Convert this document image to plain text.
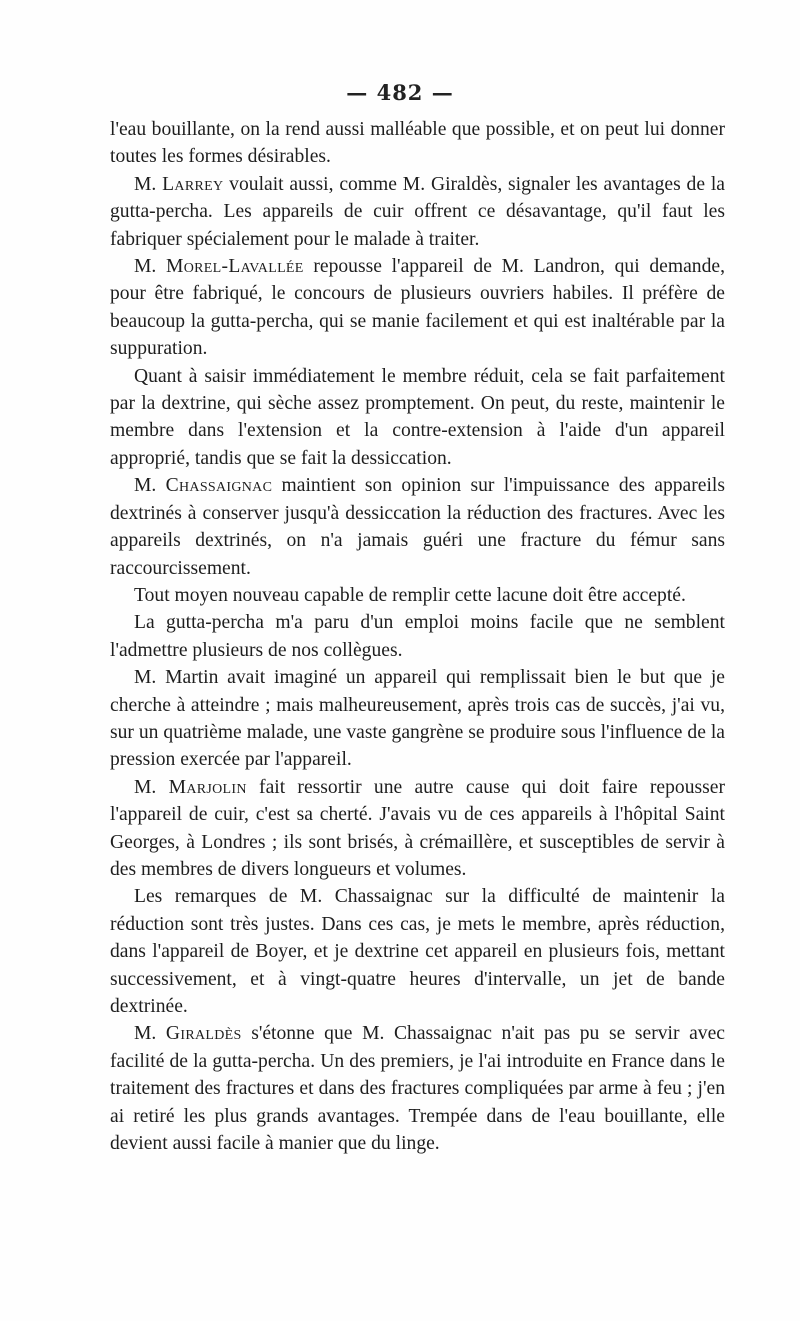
— 482 —

l'eau bouillante, on la rend aussi malléable que possible, et on peut lui donner toutes les formes désirables.

M. Larrey voulait aussi, comme M. Giraldès, signaler les avantages de la gutta-percha. Les appareils de cuir offrent ce désavantage, qu'il faut les fabriquer spécialement pour le malade à traiter.

M. Morel-Lavallée repousse l'appareil de M. Landron, qui demande, pour être fabriqué, le concours de plusieurs ouvriers habiles. Il préfère de beaucoup la gutta-percha, qui se manie facilement et qui est inaltérable par la suppuration.

Quant à saisir immédiatement le membre réduit, cela se fait parfaitement par la dextrine, qui sèche assez promptement. On peut, du reste, maintenir le membre dans l'extension et la contre-extension à l'aide d'un appareil approprié, tandis que se fait la dessiccation.

M. Chassaignac maintient son opinion sur l'impuissance des appareils dextrinés à conserver jusqu'à dessiccation la réduction des fractures. Avec les appareils dextrinés, on n'a jamais guéri une fracture du fémur sans raccourcissement.

Tout moyen nouveau capable de remplir cette lacune doit être accepté.

La gutta-percha m'a paru d'un emploi moins facile que ne semblent l'admettre plusieurs de nos collègues.

M. Martin avait imaginé un appareil qui remplissait bien le but que je cherche à atteindre ; mais malheureusement, après trois cas de succès, j'ai vu, sur un quatrième malade, une vaste gangrène se produire sous l'influence de la pression exercée par l'appareil.

M. Marjolin fait ressortir une autre cause qui doit faire repousser l'appareil de cuir, c'est sa cherté. J'avais vu de ces appareils à l'hôpital Saint Georges, à Londres ; ils sont brisés, à crémaillère, et susceptibles de servir à des membres de divers longueurs et volumes.

Les remarques de M. Chassaignac sur la difficulté de maintenir la réduction sont très justes. Dans ces cas, je mets le membre, après réduction, dans l'appareil de Boyer, et je dextrine cet appareil en plusieurs fois, mettant successivement, et à vingt-quatre heures d'intervalle, un jet de bande dextrinée.

M. Giraldès s'étonne que M. Chassaignac n'ait pas pu se servir avec facilité de la gutta-percha. Un des premiers, je l'ai introduite en France dans le traitement des fractures et dans des fractures compliquées par arme à feu ; j'en ai retiré les plus grands avantages. Trempée dans de l'eau bouillante, elle devient aussi facile à manier que du linge.
